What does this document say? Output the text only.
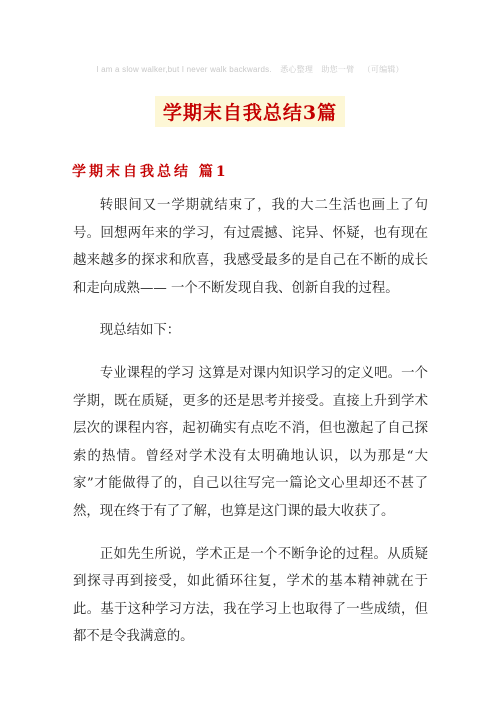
I am a slow walker,but I never walk backwards. 悉心整理 助您一臂 （可编辑）
学期末自我总结3篇
学期末自我总结 篇1

转眼间又一学期就结束了，我的大二生活也画上了句号。回想两年来的学习，有过震撼、诧异、怀疑，也有现在越来越多的探求和欣喜，我感受最多的是自己在不断的成长和走向成熟—— 一个不断发现自我、创新自我的过程。

现总结如下：

专业课程的学习 这算是对课内知识学习的定义吧。一个学期，既在质疑，更多的还是思考并接受。直接上升到学术层次的课程内容，起初确实有点吃不消，但也激起了自己探索的热情。曾经对学术没有太明确地认识，以为那是“大家”才能做得了的，自己以往写完一篇论文心里却还不甚了然，现在终于有了了解，也算是这门课的最大收获了。

正如先生所说，学术正是一个不断争论的过程。从质疑到探寻再到接受，如此循环往复，学术的基本精神就在于此。基于这种学习方法，我在学习上也取得了一些成绩，但都不是令我满意的。
